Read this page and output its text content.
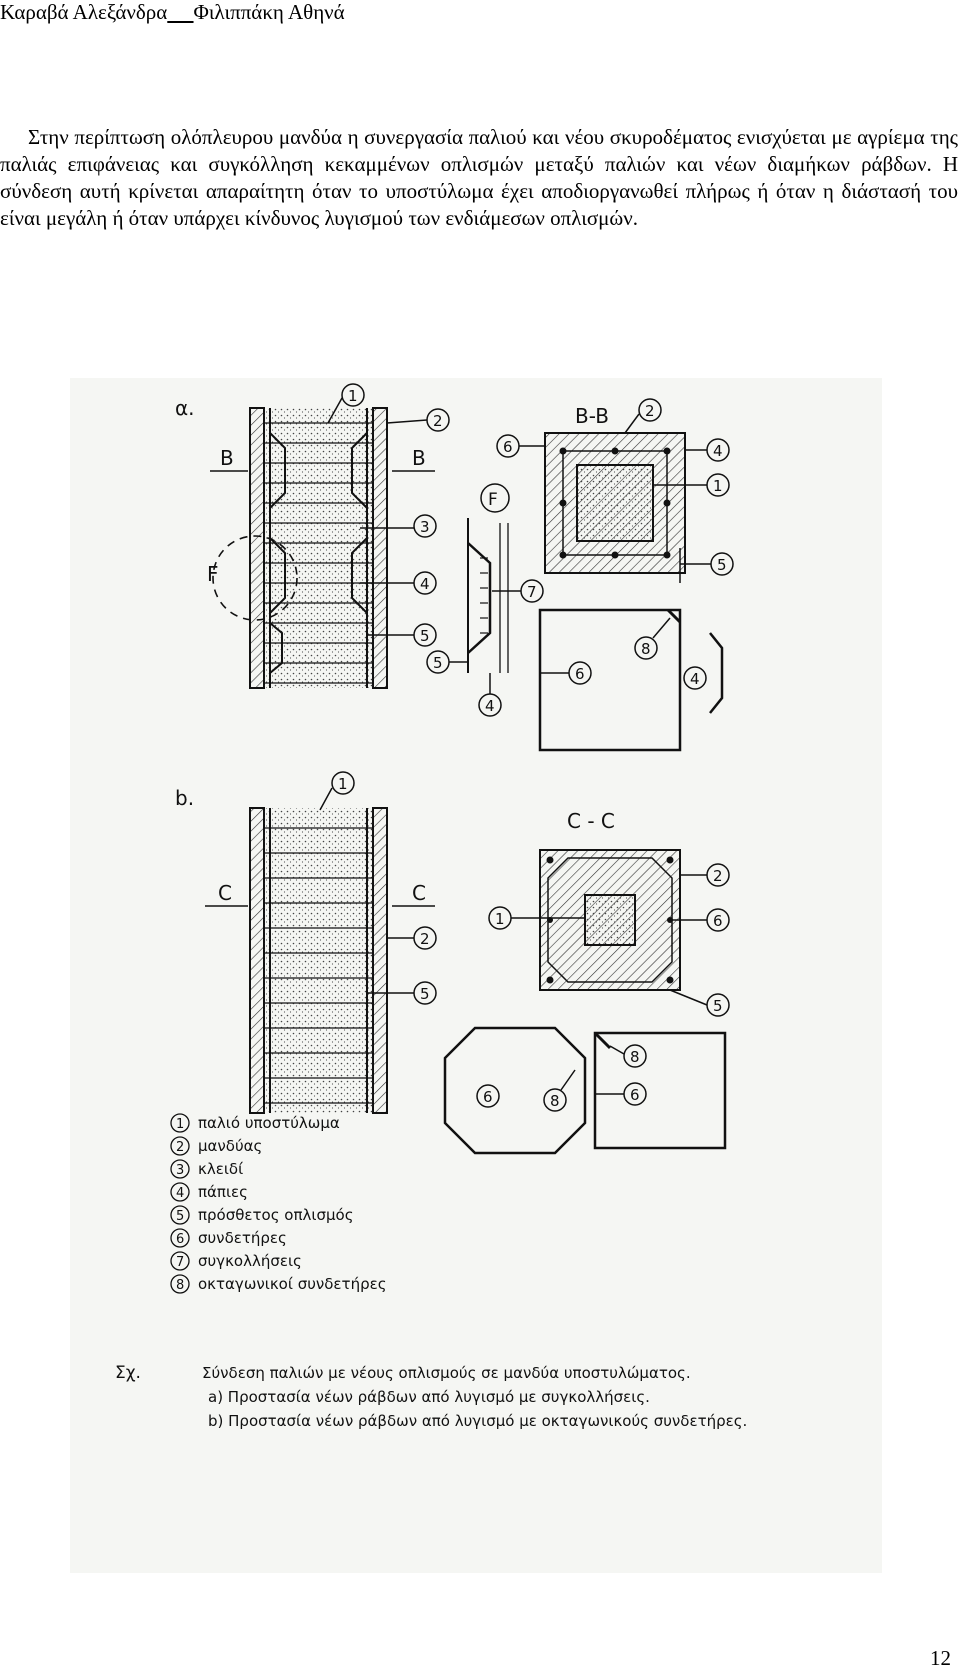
Καραβά Αλεξάνδρα Φιλιππάκη Αθηνά
Στην περίπτωση ολόπλευρου μανδύα η συνεργασία παλιού και νέου σκυροδέματος ενισχύεται με αγρίεμα της παλιάς επιφάνειας και συγκόλληση κεκαμμένων οπλισμών μεταξύ παλιών και νέων διαμήκων ράβδων. Η σύνδεση αυτή κρίνεται απαραίτητη όταν το υποστύλωμα έχει αποδιοργανωθεί πλήρως ή όταν η διάστασή του είναι μεγάλη ή όταν υπάρχει κίνδυνος λυγισμού των ενδιάμεσων οπλισμών.
α.
F
B	B
1
2
3
4
5
F
7
5
4
B-B 2
6	4
1
5
8
6	4
b.
C	C
1
2
5
C - C
2
1	6
5
6	8
8
6
1 παλιό υποστύλωμα
2 μανδύας
3 κλειδί
4 πάπιες
5 πρόσθετος οπλισμός
6 συνδετήρες
7 συγκολλήσεις
8 οκταγωνικοί συνδετήρες
Σχ.	Σύνδεση παλιών με νέους οπλισμούς σε μανδύα υποστυλώματος.
a) Προστασία νέων ράβδων από λυγισμό με συγκολλήσεις.
b) Προστασία νέων ράβδων από λυγισμό με οκταγωνικούς συνδετήρες.
12
